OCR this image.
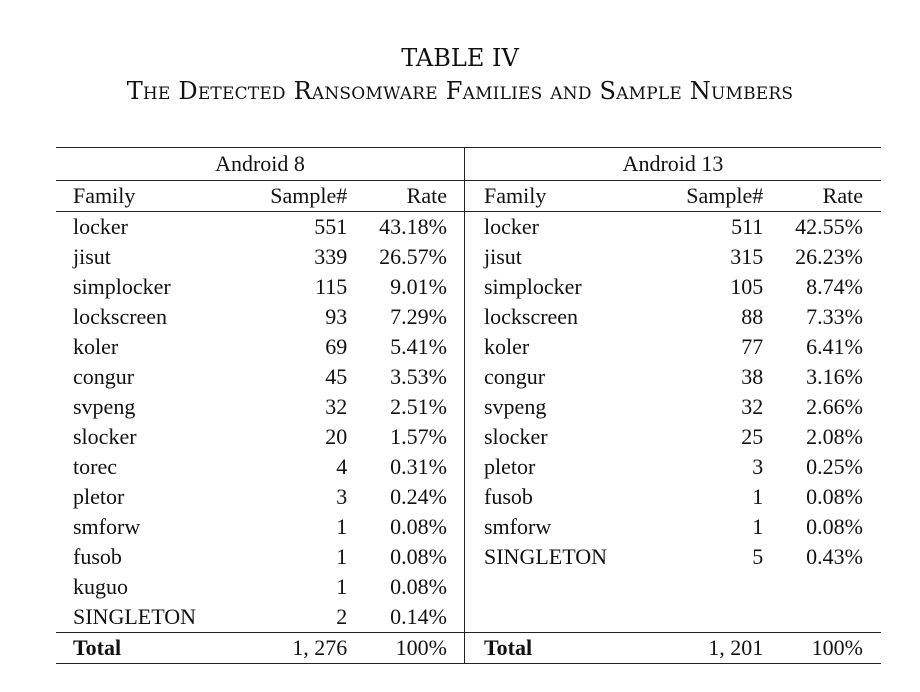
TABLE IV
The Detected Ransomware Families and Sample Numbers
Android 8			Android 13		
Family	Sample#	Rate	Family	Sample#	Rate
locker	551	43.18%	locker	511	42.55%
jisut	339	26.57%	jisut	315	26.23%
simplocker	115	9.01%	simplocker	105	8.74%
lockscreen	93	7.29%	lockscreen	88	7.33%
koler	69	5.41%	koler	77	6.41%
congur	45	3.53%	congur	38	3.16%
svpeng	32	2.51%	svpeng	32	2.66%
slocker	20	1.57%	slocker	25	2.08%
torec	4	0.31%	pletor	3	0.25%
pletor	3	0.24%	fusob	1	0.08%
smforw	1	0.08%	smforw	1	0.08%
fusob	1	0.08%	SINGLETON	5	0.43%
kuguo	1	0.08%			
SINGLETON	2	0.14%			
Total	1, 276	100%	Total	1, 201	100%
